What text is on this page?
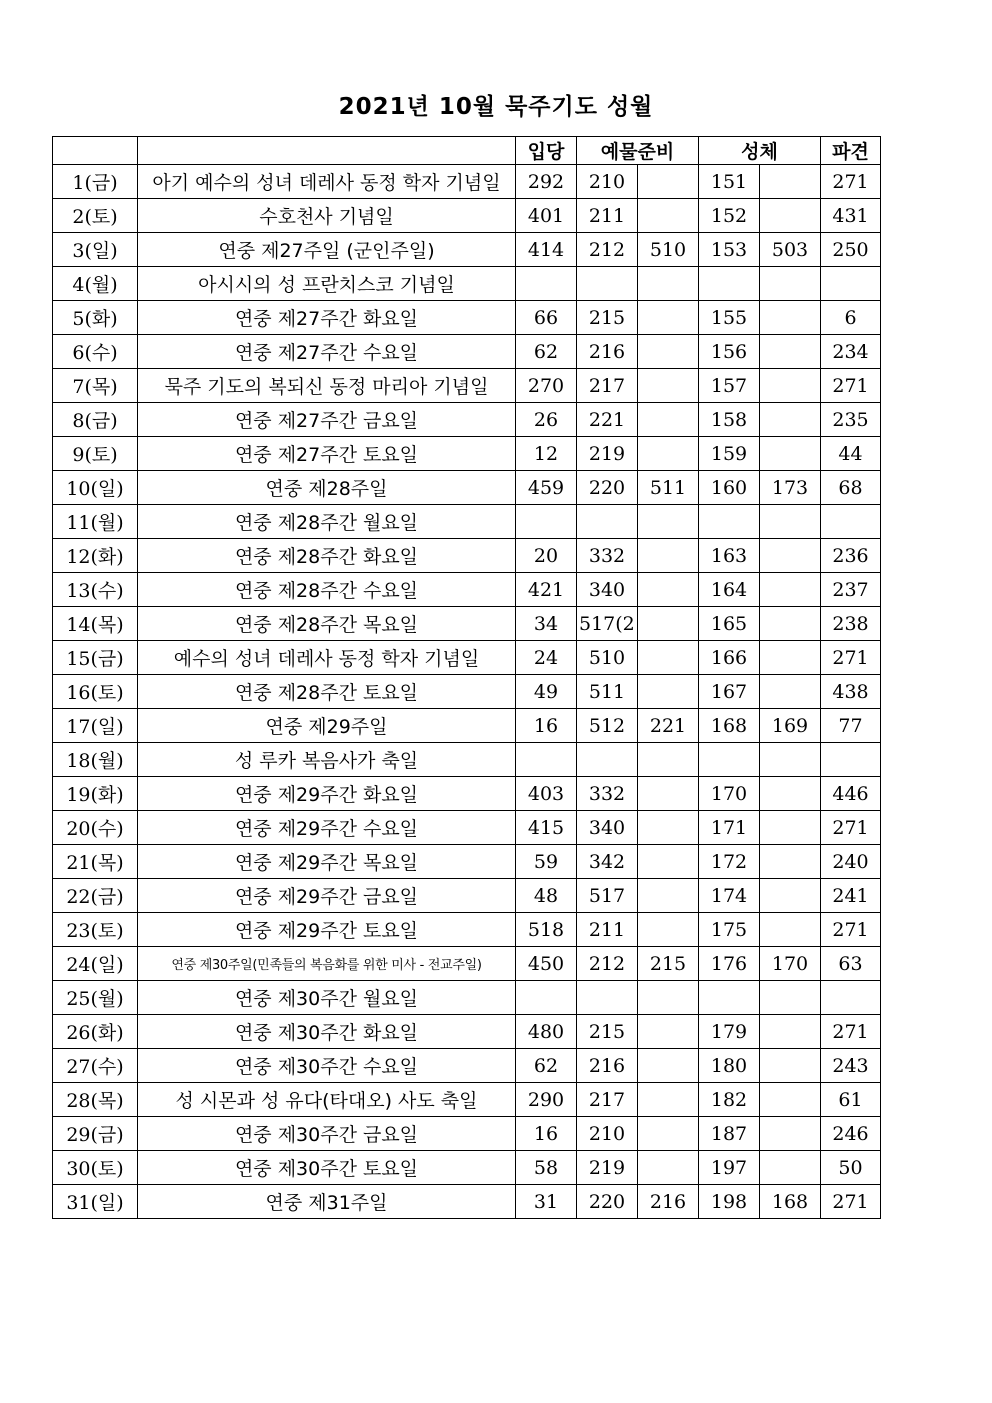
2021년 10월 묵주기도 성월
		입당	예물준비		성체		파견
1(금)	아기 예수의 성녀 데레사 동정 학자 기념일	292	210		151		271
2(토)	수호천사 기념일	401	211		152		431
3(일)	연중 제27주일 (군인주일)	414	212	510	153	503	250
4(월)	아시시의 성 프란치스코 기념일						
5(화)	연중 제27주간 화요일	66	215		155		6
6(수)	연중 제27주간 수요일	62	216		156		234
7(목)	묵주 기도의 복되신 동정 마리아 기념일	270	217		157		271
8(금)	연중 제27주간 금요일	26	221		158		235
9(토)	연중 제27주간 토요일	12	219		159		44
10(일)	연중 제28주일	459	220	511	160	173	68
11(월)	연중 제28주간 월요일						
12(화)	연중 제28주간 화요일	20	332		163		236
13(수)	연중 제28주간 수요일	421	340		164		237
14(목)	연중 제28주간 목요일	34	517(2		165		238
15(금)	예수의 성녀 데레사 동정 학자 기념일	24	510		166		271
16(토)	연중 제28주간 토요일	49	511		167		438
17(일)	연중 제29주일	16	512	221	168	169	77
18(월)	성 루카 복음사가 축일						
19(화)	연중 제29주간 화요일	403	332		170		446
20(수)	연중 제29주간 수요일	415	340		171		271
21(목)	연중 제29주간 목요일	59	342		172		240
22(금)	연중 제29주간 금요일	48	517		174		241
23(토)	연중 제29주간 토요일	518	211		175		271
24(일)	연중 제30주일(민족들의 복음화를 위한 미사 - 전교주일)	450	212	215	176	170	63
25(월)	연중 제30주간 월요일						
26(화)	연중 제30주간 화요일	480	215		179		271
27(수)	연중 제30주간 수요일	62	216		180		243
28(목)	성 시몬과 성 유다(타대오) 사도 축일	290	217		182		61
29(금)	연중 제30주간 금요일	16	210		187		246
30(토)	연중 제30주간 토요일	58	219		197		50
31(일)	연중 제31주일	31	220	216	198	168	271
